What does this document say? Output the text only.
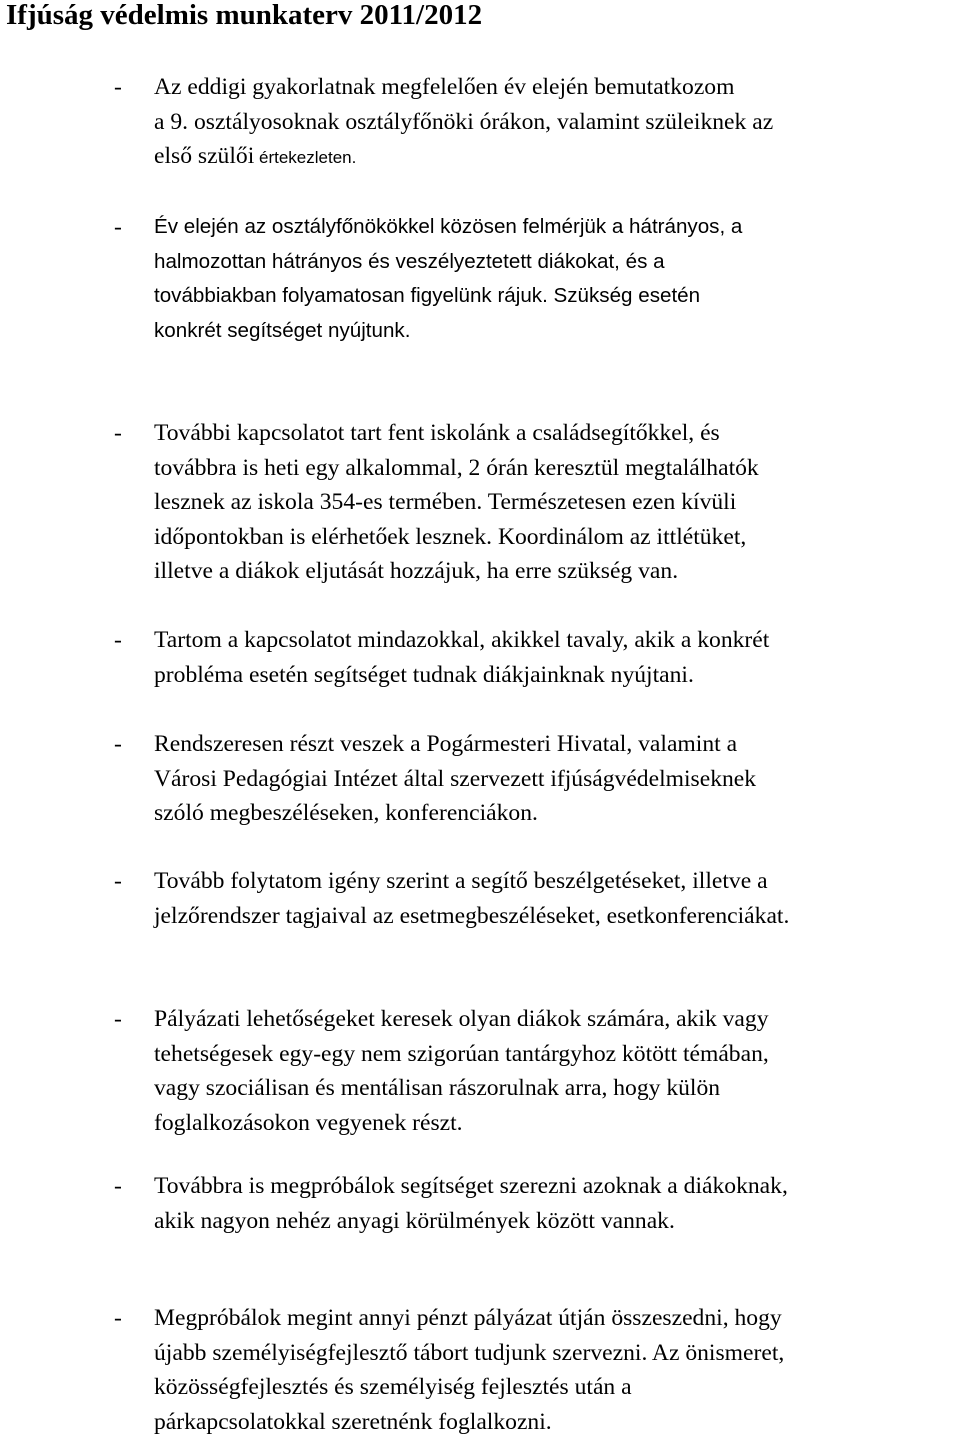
Ifjúság védelmis munkaterv 2011/2012
- Az eddigi gyakorlatnak megfelelően év elején bemutatkozom
a 9. osztályosoknak osztályfőnöki órákon, valamint szüleiknek az
első szülői értekezleten.
- Év elején az osztályfőnökökkel közösen felmérjük a hátrányos, a
halmozottan hátrányos és veszélyeztetett diákokat, és a
továbbiakban folyamatosan figyelünk rájuk. Szükség esetén
konkrét segítséget nyújtunk.
- További kapcsolatot tart fent iskolánk a családsegítőkkel, és
továbbra is heti egy alkalommal, 2 órán keresztül megtalálhatók
lesznek az iskola 354-es termében. Természetesen ezen kívüli
időpontokban is elérhetőek lesznek. Koordinálom az ittlétüket,
illetve a diákok eljutását hozzájuk, ha erre szükség van.
- Tartom a kapcsolatot mindazokkal, akikkel tavaly, akik a konkrét
probléma esetén segítséget tudnak diákjainknak nyújtani.
- Rendszeresen részt veszek a Pogármesteri Hivatal, valamint a
Városi Pedagógiai Intézet által szervezett ifjúságvédelmiseknek
szóló megbeszéléseken, konferenciákon.
- Tovább folytatom igény szerint a segítő beszélgetéseket, illetve a
jelzőrendszer tagjaival az esetmegbeszéléseket, esetkonferenciákat.
- Pályázati lehetőségeket keresek olyan diákok számára, akik vagy
tehetségesek egy-egy nem szigorúan tantárgyhoz kötött témában,
vagy szociálisan és mentálisan rászorulnak arra, hogy külön
foglalkozásokon vegyenek részt.
- Továbbra is megpróbálok segítséget szerezni azoknak a diákoknak,
akik nagyon nehéz anyagi körülmények között vannak.
- Megpróbálok megint annyi pénzt pályázat útján összeszedni, hogy
újabb személyiségfejlesztő tábort tudjunk szervezni. Az önismeret,
közösségfejlesztés és személyiség fejlesztés után a
párkapcsolatokkal szeretnénk foglalkozni.
